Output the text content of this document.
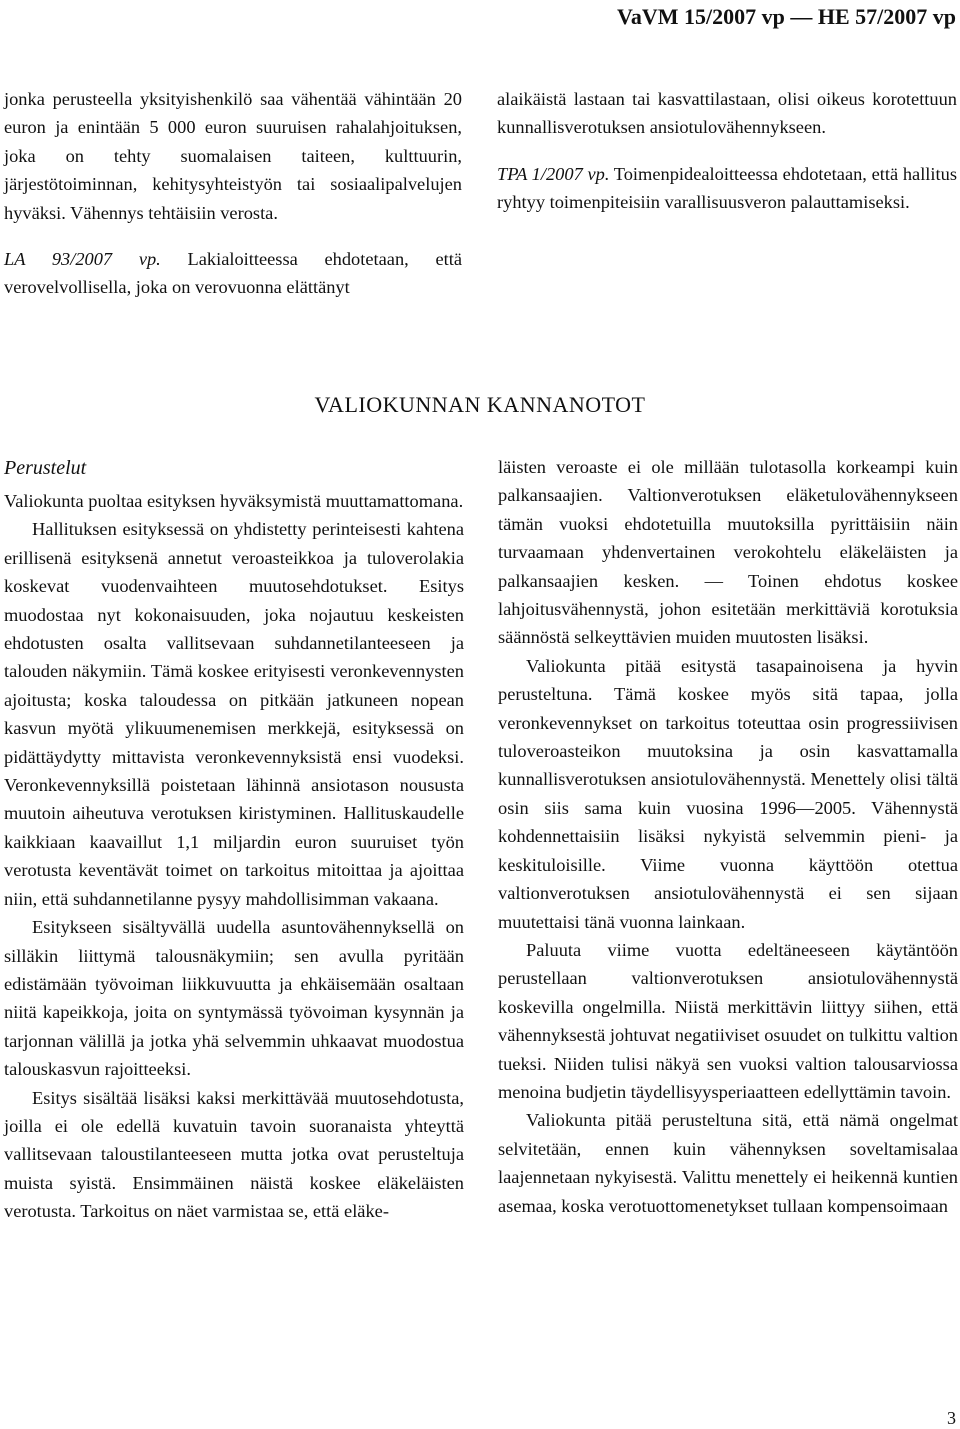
VaVM 15/2007 vp — HE 57/2007 vp

jonka perusteella yksityishenkilö saa vähentää vähintään 20 euron ja enintään 5 000 euron suuruisen rahalahjoituksen, joka on tehty suomalaisen taiteen, kulttuurin, järjestötoiminnan, kehitysyhteistyön tai sosiaalipalvelujen hyväksi. Vähennys tehtäisiin verosta.

LA 93/2007 vp. Lakialoitteessa ehdotetaan, että verovelvollisella, joka on verovuonna elättänyt

alaikäistä lastaan tai kasvattilastaan, olisi oikeus korotettuun kunnallisverotuksen ansiotulovähennykseen.

TPA 1/2007 vp. Toimenpidealoitteessa ehdotetaan, että hallitus ryhtyy toimenpiteisiin varallisuusveron palauttamiseksi.

VALIOKUNNAN KANNANOTOT
Perustelut

Valiokunta puoltaa esityksen hyväksymistä muuttamattomana.

Hallituksen esityksessä on yhdistetty perinteisesti kahtena erillisenä esityksenä annetut veroasteikkoa ja tuloverolakia koskevat vuodenvaihteen muutosehdotukset. Esitys muodostaa nyt kokonaisuuden, joka nojautuu keskeisten ehdotusten osalta vallitsevaan suhdannetilanteeseen ja talouden näkymiin. Tämä koskee erityisesti veronkevennysten ajoitusta; koska taloudessa on pitkään jatkuneen nopean kasvun myötä ylikuumenemisen merkkejä, esityksessä on pidättäydytty mittavista veronkevennyksistä ensi vuodeksi. Veronkevennyksillä poistetaan lähinnä ansiotason noususta muutoin aiheutuva verotuksen kiristyminen. Hallituskaudelle kaikkiaan kaavaillut 1,1 miljardin euron suuruiset työn verotusta keventävät toimet on tarkoitus mitoittaa ja ajoittaa niin, että suhdannetilanne pysyy mahdollisimman vakaana.

Esitykseen sisältyvällä uudella asuntovähennyksellä on silläkin liittymä talousnäkymiin; sen avulla pyritään edistämään työvoiman liikkuvuutta ja ehkäisemään osaltaan niitä kapeikkoja, joita on syntymässä työvoiman kysynnän ja tarjonnan välillä ja jotka yhä selvemmin uhkaavat muodostua talouskasvun rajoitteeksi.

Esitys sisältää lisäksi kaksi merkittävää muutosehdotusta, joilla ei ole edellä kuvatuin tavoin suoranaista yhteyttä vallitsevaan taloustilanteeseen mutta jotka ovat perusteltuja muista syistä. Ensimmäinen näistä koskee eläkeläisten verotusta. Tarkoitus on näet varmistaa se, että eläke-

läisten veroaste ei ole millään tulotasolla korkeampi kuin palkansaajien. Valtionverotuksen eläketulovähennykseen tämän vuoksi ehdotetuilla muutoksilla pyrittäisiin näin turvaamaan yhdenvertainen verokohtelu eläkeläisten ja palkansaajien kesken. — Toinen ehdotus koskee lahjoitusvähennystä, johon esitetään merkittäviä korotuksia säännöstä selkeyttävien muiden muutosten lisäksi.

Valiokunta pitää esitystä tasapainoisena ja hyvin perusteltuna. Tämä koskee myös sitä tapaa, jolla veronkevennykset on tarkoitus toteuttaa osin progressiivisen tuloveroasteikon muutoksina ja osin kasvattamalla kunnallisverotuksen ansiotulovähennystä. Menettely olisi tältä osin siis sama kuin vuosina 1996—2005. Vähennystä kohdennettaisiin lisäksi nykyistä selvemmin pieni- ja keskituloisille. Viime vuonna käyttöön otettua valtionverotuksen ansiotulovähennystä ei sen sijaan muutettaisi tänä vuonna lainkaan.

Paluuta viime vuotta edeltäneeseen käytäntöön perustellaan valtionverotuksen ansiotulovähennystä koskevilla ongelmilla. Niistä merkittävin liittyy siihen, että vähennyksestä johtuvat negatiiviset osuudet on tulkittu valtion tueksi. Niiden tulisi näkyä sen vuoksi valtion talousarviossa menoina budjetin täydellisyysperiaatteen edellyttämin tavoin.

Valiokunta pitää perusteltuna sitä, että nämä ongelmat selvitetään, ennen kuin vähennyksen soveltamisalaa laajennetaan nykyisestä. Valittu menettely ei heikennä kuntien asemaa, koska verotuottomenetykset tullaan kompensoimaan

3
